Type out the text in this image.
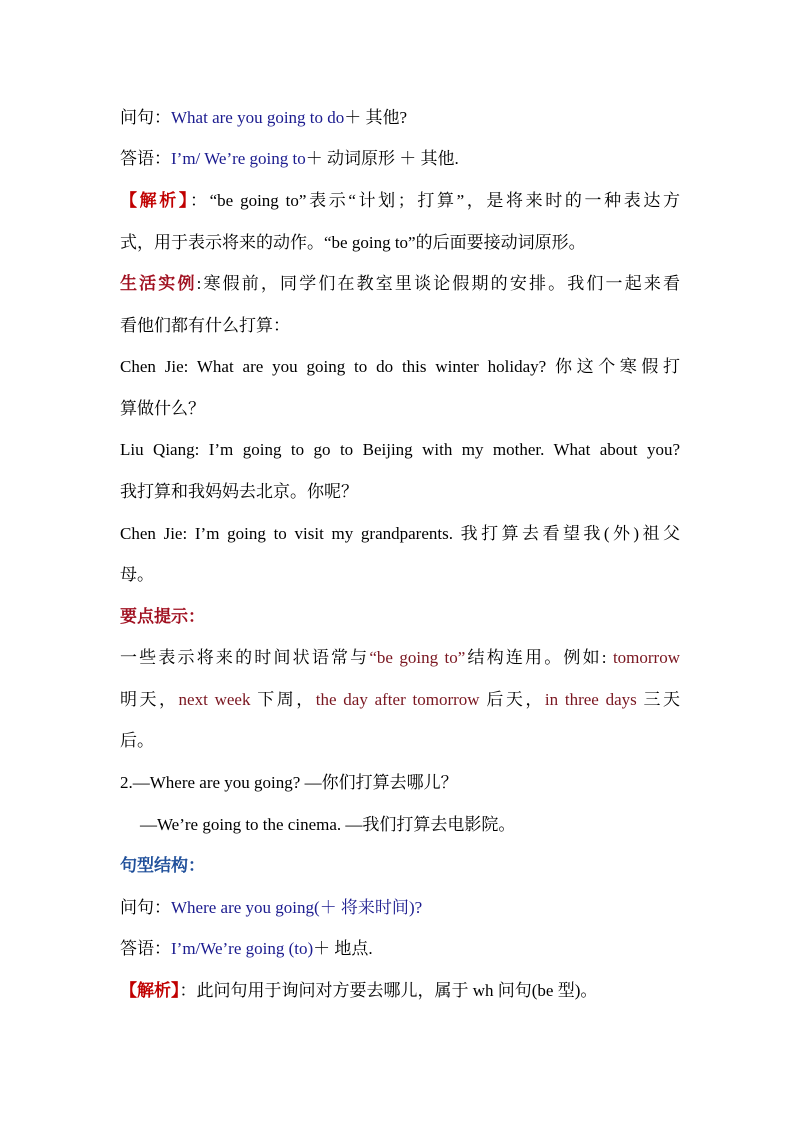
问句：What are you going to do＋ 其他?
答语：I’m/ We’re going to＋ 动词原形 ＋ 其他.
【解析】：“be going to”表示“计划；打算”，是将来时的一种表达方
式，用于表示将来的动作。“be going to”的后面要接动词原形。
生活实例:寒假前，同学们在教室里谈论假期的安排。我们一起来看
看他们都有什么打算：
Chen Jie: What are you going to do this winter holiday? 你这个寒假打
算做什么？
Liu Qiang: I’m going to go to Beijing with my mother. What about you?
我打算和我妈妈去北京。你呢？
Chen Jie: I’m going to visit my grandparents. 我打算去看望我(外)祖父
母。
要点提示：
一些表示将来的时间状语常与“be going to”结构连用。例如: tomorrow
明天，next week 下周，the day after tomorrow 后天，in three days 三天
后。
2.—Where are you going? —你们打算去哪儿？
—We’re going to the cinema. —我们打算去电影院。
句型结构：
问句：Where are you going(＋ 将来时间)?
答语：I’m/We’re going (to)＋ 地点.
【解析】：此问句用于询问对方要去哪儿，属于 wh 问句(be 型)。
